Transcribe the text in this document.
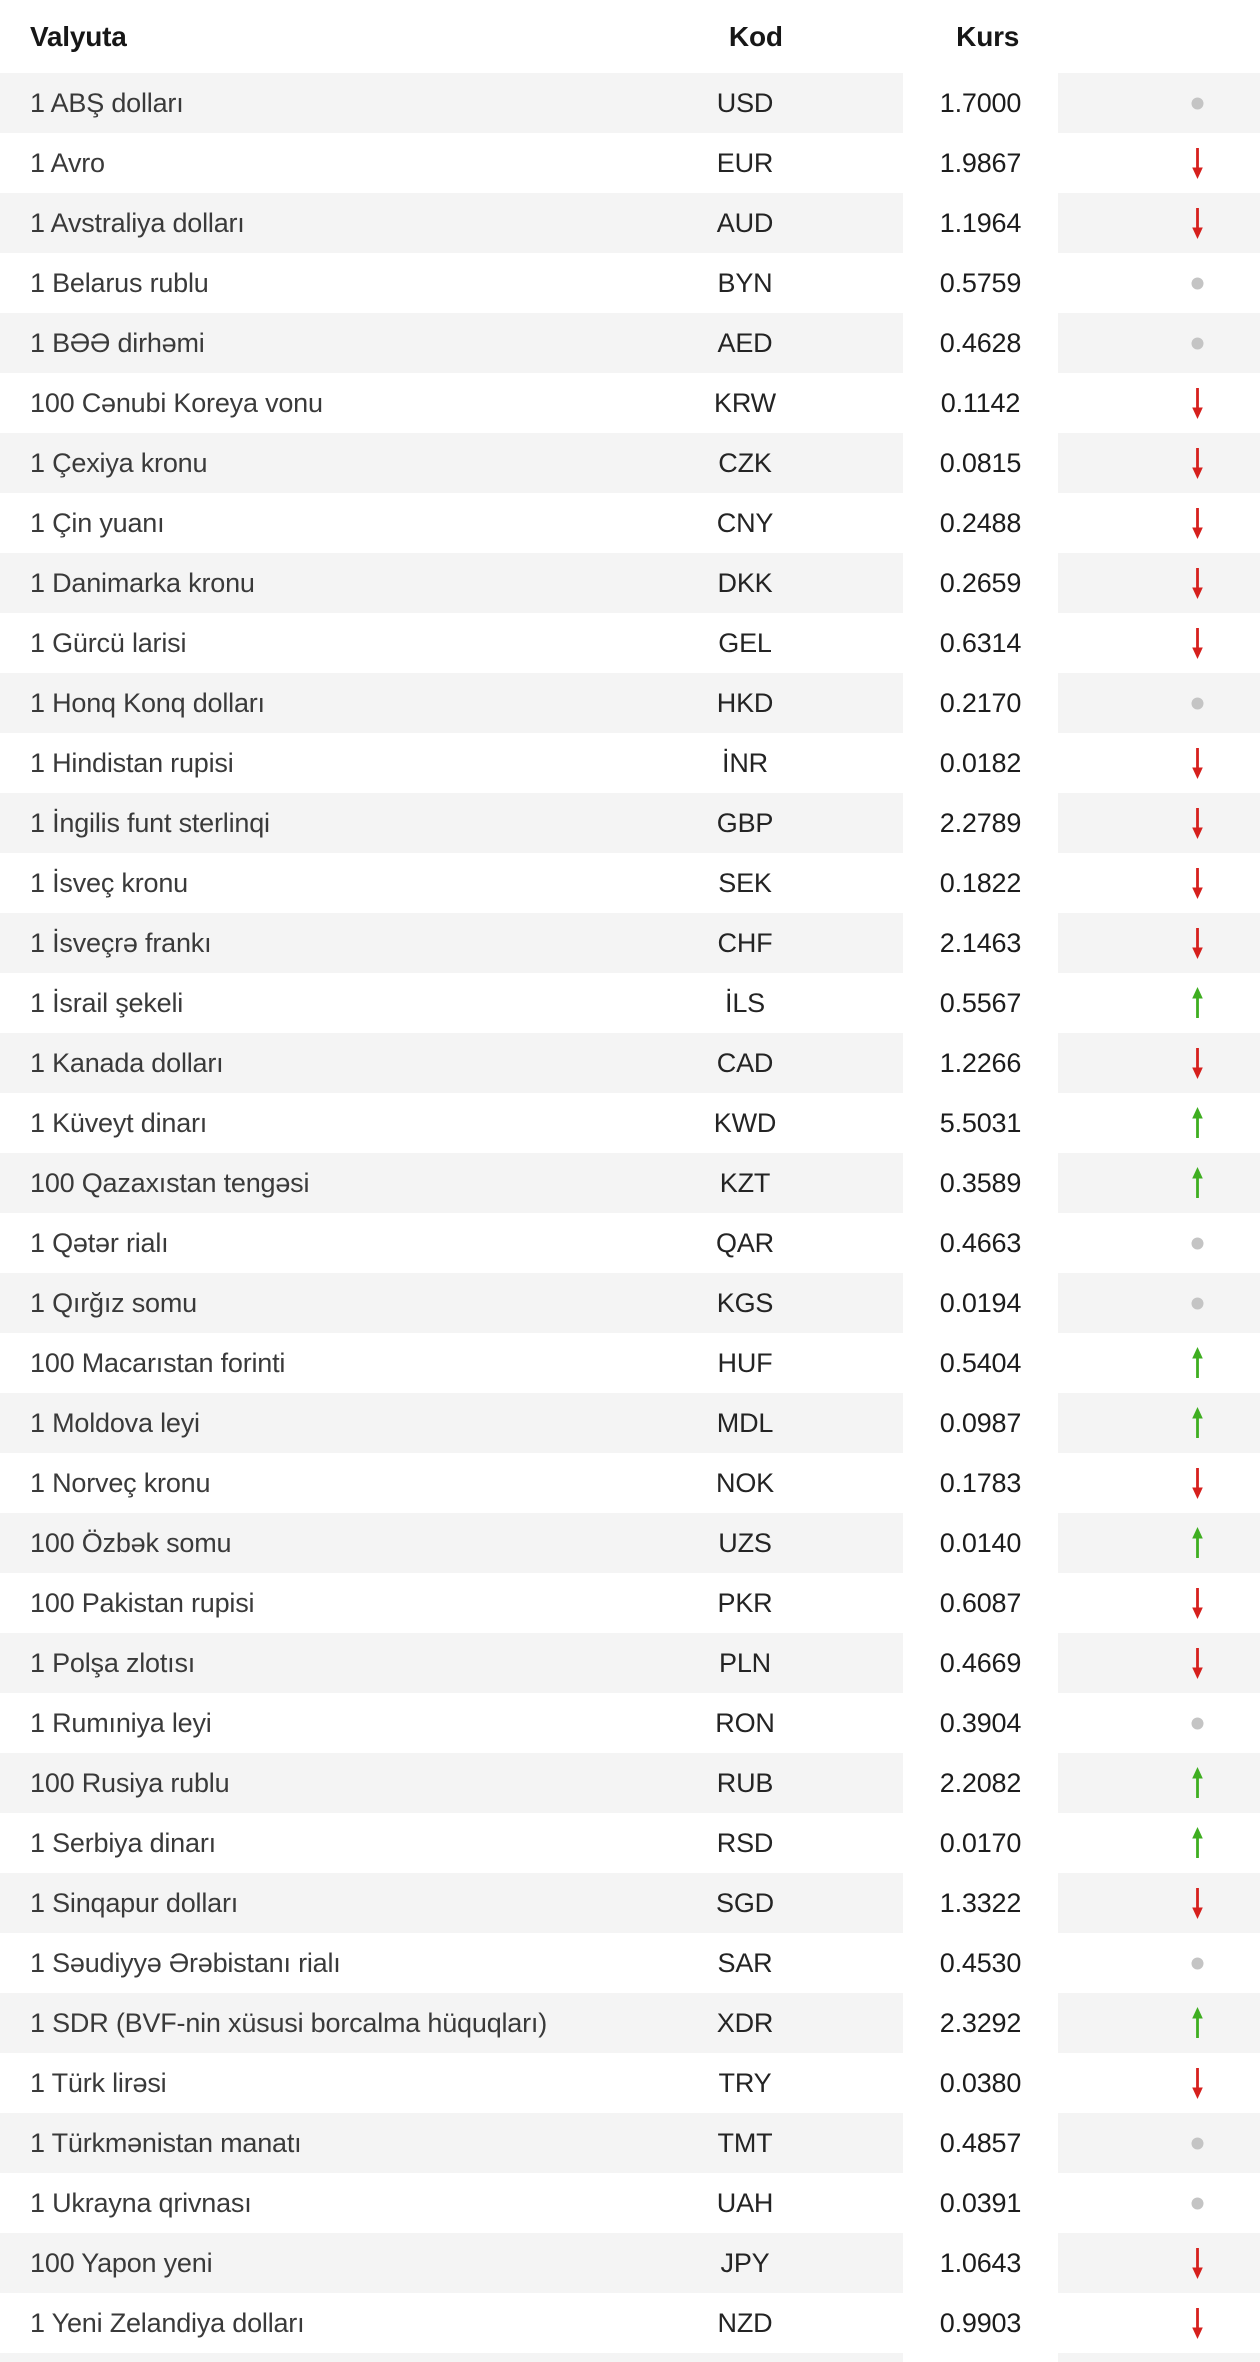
Valyuta	Kod	Kurs
1 ABŞ dolları	USD	1.7000
1 Avro	EUR	1.9867
1 Avstraliya dolları	AUD	1.1964
1 Belarus rublu	BYN	0.5759
1 BƏƏ dirhəmi	AED	0.4628
100 Cənubi Koreya vonu	KRW	0.1142
1 Çexiya kronu	CZK	0.0815
1 Çin yuanı	CNY	0.2488
1 Danimarka kronu	DKK	0.2659
1 Gürcü larisi	GEL	0.6314
1 Honq Konq dolları	HKD	0.2170
1 Hindistan rupisi	İNR	0.0182
1 İngilis funt sterlinqi	GBP	2.2789
1 İsveç kronu	SEK	0.1822
1 İsveçrə frankı	CHF	2.1463
1 İsrail şekeli	İLS	0.5567
1 Kanada dolları	CAD	1.2266
1 Küveyt dinarı	KWD	5.5031
100 Qazaxıstan tengəsi	KZT	0.3589
1 Qətər rialı	QAR	0.4663
1 Qırğız somu	KGS	0.0194
100 Macarıstan forinti	HUF	0.5404
1 Moldova leyi	MDL	0.0987
1 Norveç kronu	NOK	0.1783
100 Özbək somu	UZS	0.0140
100 Pakistan rupisi	PKR	0.6087
1 Polşa zlotısı	PLN	0.4669
1 Rumıniya leyi	RON	0.3904
100 Rusiya rublu	RUB	2.2082
1 Serbiya dinarı	RSD	0.0170
1 Sinqapur dolları	SGD	1.3322
1 Səudiyyə Ərəbistanı rialı	SAR	0.4530
1 SDR (BVF-nin xüsusi borcalma hüquqları)	XDR	2.3292
1 Türk lirəsi	TRY	0.0380
1 Türkmənistan manatı	TMT	0.4857
1 Ukrayna qrivnası	UAH	0.0391
100 Yapon yeni	JPY	1.0643
1 Yeni Zelandiya dolları	NZD	0.9903
